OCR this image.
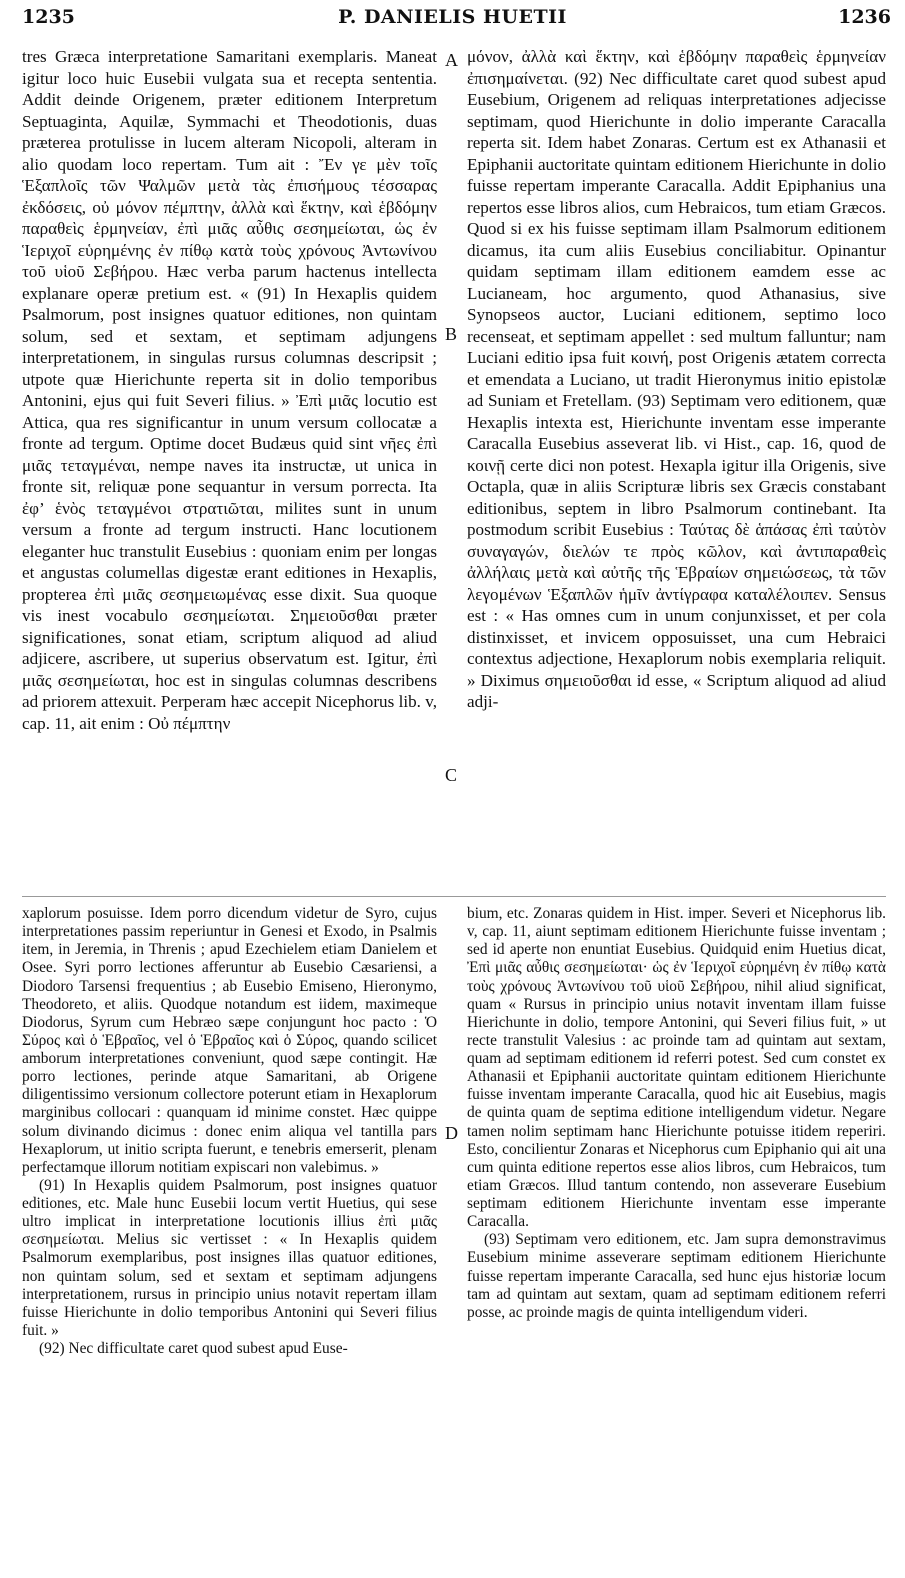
1235	P. DANIELIS HUETII	1236

tres Græca interpretatione Samaritani exemplaris. Maneat igitur loco huic Eusebii vulgata sua et recepta sententia. Addit deinde Origenem, præter editionem Interpretum Septuaginta, Aquilæ, Symmachi et Theodotionis, duas præterea protulisse in lucem alteram Nicopoli, alteram in alio quodam loco repertam. Tum ait : Ἔν γε μὲν τοῖς Ἑξαπλοῖς τῶν Ψαλμῶν μετὰ τὰς ἐπισήμους τέσσαρας ἐκδόσεις, οὐ μόνον πέμπτην, ἀλλὰ καὶ ἕκτην, καὶ ἑβδόμην παραθεὶς ἑρμηνείαν, ἐπὶ μιᾶς αὖθις σεσημείωται, ὡς ἐν Ἱεριχοῖ εὑρημένης ἐν πίθῳ κατὰ τοὺς χρόνους Ἀντωνίνου τοῦ υἱοῦ Σεβήρου. Hæc verba parum hactenus intellecta explanare operæ pretium est. « (91) In Hexaplis quidem Psalmorum, post insignes quatuor editiones, non quintam solum, sed et sextam, et septimam adjungens interpretationem, in singulas rursus columnas descripsit ; utpote quæ Hierichunte reperta sit in dolio temporibus Antonini, ejus qui fuit Severi filius. » Ἐπὶ μιᾶς locutio est Attica, qua res significantur in unum versum collocatæ a fronte ad tergum. Optime docet Budæus quid sint νῆες ἐπὶ μιᾶς τεταγμέναι, nempe naves ita instructæ, ut unica in fronte sit, reliquæ pone sequantur in versum porrecta. Ita ἐφ’ ἑνὸς τεταγμένοι στρατιῶται, milites sunt in unum versum a fronte ad tergum instructi. Hanc locutionem eleganter huc transtulit Eusebius : quoniam enim per longas et angustas columellas digestæ erant editiones in Hexaplis, propterea ἐπὶ μιᾶς σεσημειωμένας esse dixit. Sua quoque vis inest vocabulo σεσημείωται. Σημειοῦσθαι præter significationes, sonat etiam, scriptum aliquod ad aliud adjicere, ascribere, ut superius observatum est. Igitur, ἐπὶ μιᾶς σεσημείωται, hoc est in singulas columnas describens ad priorem attexuit. Perperam hæc accepit Nicephorus lib. v, cap. 11, ait enim : Οὐ πέμπτην

μόνον, ἀλλὰ καὶ ἕκτην, καὶ ἑβδόμην παραθεὶς ἑρμηνείαν ἐπισημαίνεται. (92) Nec difficultate caret quod subest apud Eusebium, Origenem ad reliquas interpretationes adjecisse septimam, quod Hierichunte in dolio imperante Caracalla reperta sit. Idem habet Zonaras. Certum est ex Athanasii et Epiphanii auctoritate quintam editionem Hierichunte in dolio fuisse repertam imperante Caracalla. Addit Epiphanius una repertos esse libros alios, cum Hebraicos, tum etiam Græcos. Quod si ex his fuisse septimam illam Psalmorum editionem dicamus, ita cum aliis Eusebius conciliabitur. Opinantur quidam septimam illam editionem eamdem esse ac Lucianeam, hoc argumento, quod Athanasius, sive Synopseos auctor, Luciani editionem, septimo loco recenseat, et septimam appellet : sed multum falluntur; nam Luciani editio ipsa fuit κοινή, post Origenis ætatem correcta et emendata a Luciano, ut tradit Hieronymus initio epistolæ ad Suniam et Fretellam. (93) Septimam vero editionem, quæ Hexaplis intexta est, Hierichunte inventam esse imperante Caracalla Eusebius asseverat lib. vi Hist., cap. 16, quod de κοινῇ certe dici non potest. Hexapla igitur illa Origenis, sive Octapla, quæ in aliis Scripturæ libris sex Græcis constabant editionibus, septem in libro Psalmorum continebant. Ita postmodum scribit Eusebius : Ταύτας δὲ ἁπάσας ἐπὶ ταὐτὸν συναγαγών, διελών τε πρὸς κῶλον, καὶ ἀντιπαραθεὶς ἀλλήλαις μετὰ καὶ αὐτῆς τῆς Ἑβραίων σημειώσεως, τὰ τῶν λεγομένων Ἑξαπλῶν ἡμῖν ἀντίγραφα καταλέλοιπεν. Sensus est : « Has omnes cum in unum conjunxisset, et per cola distinxisset, et invicem opposuisset, una cum Hebraici contextus adjectione, Hexaplorum nobis exemplaria reliquit. » Diximus σημειοῦσθαι id esse, « Scriptum aliquod ad aliud adji-

A
B
C
D

xaplorum posuisse. Idem porro dicendum videtur de Syro, cujus interpretationes passim reperiuntur in Genesi et Exodo, in Psalmis item, in Jeremia, in Threnis ; apud Ezechielem etiam Danielem et Osee. Syri porro lectiones afferuntur ab Eusebio Cæsariensi, a Diodoro Tarsensi frequentius ; ab Eusebio Emiseno, Hieronymo, Theodoreto, et aliis. Quodque notandum est iidem, maximeque Diodorus, Syrum cum Hebræo sæpe conjungunt hoc pacto : Ὁ Σύρος καὶ ὁ Ἑβραῖος, vel ὁ Ἑβραῖος καὶ ὁ Σύρος, quando scilicet amborum interpretationes conveniunt, quod sæpe contingit. Hæ porro lectiones, perinde atque Samaritani, ab Origene diligentissimo versionum collectore poterunt etiam in Hexaplorum marginibus collocari : quanquam id minime constet. Hæc quippe solum divinando dicimus : donec enim aliqua vel tantilla pars Hexaplorum, ut initio scripta fuerunt, e tenebris emerserit, plenam perfectamque illorum notitiam expiscari non valebimus. »

(91) In Hexaplis quidem Psalmorum, post insignes quatuor editiones, etc. Male hunc Eusebii locum vertit Huetius, qui sese ultro implicat in interpretatione locutionis illius ἐπὶ μιᾶς σεσημείωται. Melius sic vertisset : « In Hexaplis quidem Psalmorum exemplaribus, post insignes illas quatuor editiones, non quintam solum, sed et sextam et septimam adjungens interpretationem, rursus in principio unius notavit repertam illam fuisse Hierichunte in dolio temporibus Antonini qui Severi filius fuit. »

(92) Nec difficultate caret quod subest apud Euse-

bium, etc. Zonaras quidem in Hist. imper. Severi et Nicephorus lib. v, cap. 11, aiunt septimam editionem Hierichunte fuisse inventam ; sed id aperte non enuntiat Eusebius. Quidquid enim Huetius dicat, Ἐπὶ μιᾶς αὖθις σεσημείωται· ὡς ἐν Ἱεριχοῖ εὑρημένη ἐν πίθῳ κατὰ τοὺς χρόνους Ἀντωνίνου τοῦ υἱοῦ Σεβήρου, nihil aliud significat, quam « Rursus in principio unius notavit inventam illam fuisse Hierichunte in dolio, tempore Antonini, qui Severi filius fuit, » ut recte transtulit Valesius : ac proinde tam ad quintam aut sextam, quam ad septimam editionem id referri potest. Sed cum constet ex Athanasii et Epiphanii auctoritate quintam editionem Hierichunte fuisse inventam imperante Caracalla, quod hic ait Eusebius, magis de quinta quam de septima editione intelligendum videtur. Negare tamen nolim septimam hanc Hierichunte potuisse itidem reperiri. Esto, concilientur Zonaras et Nicephorus cum Epiphanio qui ait una cum quinta editione repertos esse alios libros, cum Hebraicos, tum etiam Græcos. Illud tantum contendo, non asseverare Eusebium septimam editionem Hierichunte inventam esse imperante Caracalla.

(93) Septimam vero editionem, etc. Jam supra demonstravimus Eusebium minime asseverare septimam editionem Hierichunte fuisse repertam imperante Caracalla, sed hunc ejus historiæ locum tam ad quintam aut sextam, quam ad septimam editionem referri posse, ac proinde magis de quinta intelligendum videri.
